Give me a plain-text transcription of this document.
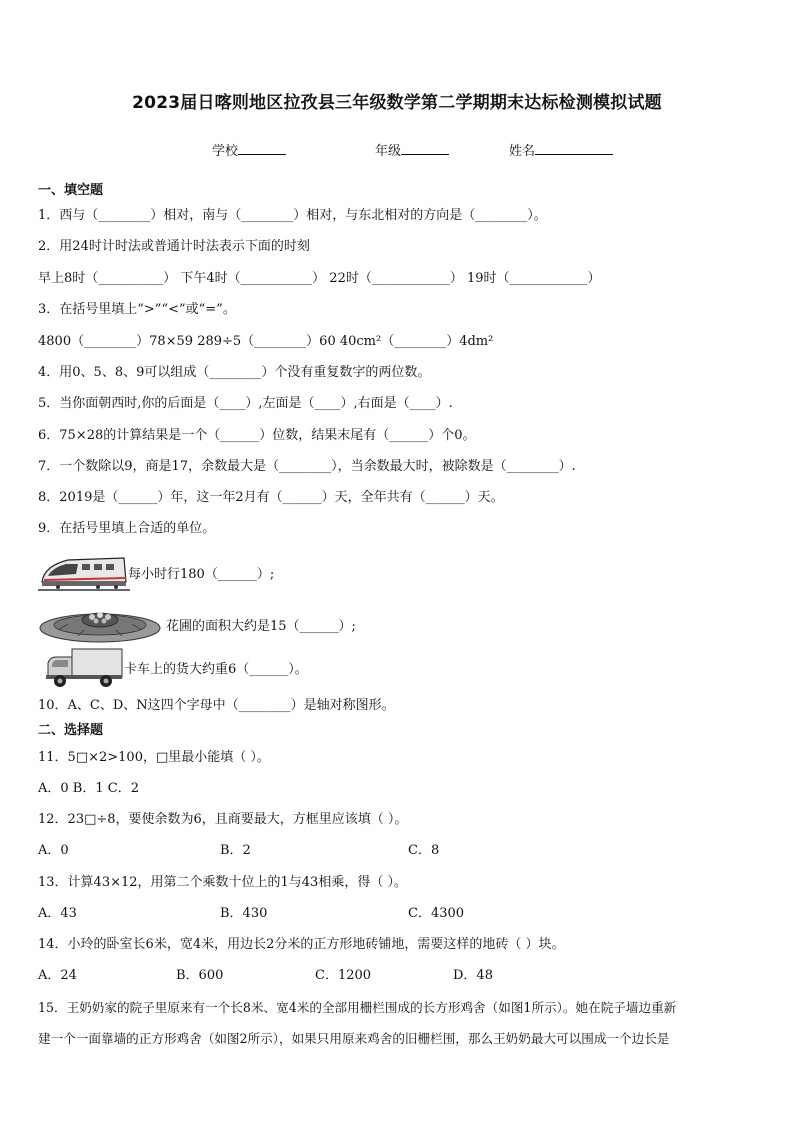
2023届日喀则地区拉孜县三年级数学第二学期期末达标检测模拟试题
学校	年级	姓名
一、填空题
1．西与（________）相对，南与（________）相对，与东北相对的方向是（________）。
2．用24时计时法或普通计时法表示下面的时刻
早上8时（__________） 下午4时（___________） 22时（____________） 19时（____________）
3．在括号里填上“>”“<”或“=”。
4800（________）78×59 289÷5（________）60 40cm²（________）4dm²
4．用0、5、8、9可以组成（________）个没有重复数字的两位数。
5．当你面朝西时,你的后面是（____）,左面是（____）,右面是（____）.
6．75×28的计算结果是一个（______）位数，结果末尾有（______）个0。
7．一个数除以9，商是17，余数最大是（________），当余数最大时，被除数是（________）.
8．2019是（______）年，这一年2月有（______）天，全年共有（______）天。
9．在括号里填上合适的单位。
每小时行180（______）;
花圃的面积大约是15（______）;
卡车上的货大约重6（______）。
10．A、C、D、N这四个字母中（________）是轴对称图形。
二、选择题
11．5□×2>100，□里最小能填（ ）。
A．0 B．1 C．2
12．23□÷8，要使余数为6，且商要最大，方框里应该填（ ）。
A．0	B．2	C．8
13．计算43×12，用第二个乘数十位上的1与43相乘，得（ ）。
A．43	B．430	C．4300
14．小玲的卧室长6米，宽4米，用边长2分米的正方形地砖铺地，需要这样的地砖（ ）块。
A．24	B．600	C．1200	D．48
15．王奶奶家的院子里原来有一个长8米、宽4米的全部用栅栏围成的长方形鸡舍（如图1所示）。她在院子墙边重新
建一个一面靠墙的正方形鸡舍（如图2所示），如果只用原来鸡舍的旧栅栏围，那么王奶奶最大可以围成一个边长是
